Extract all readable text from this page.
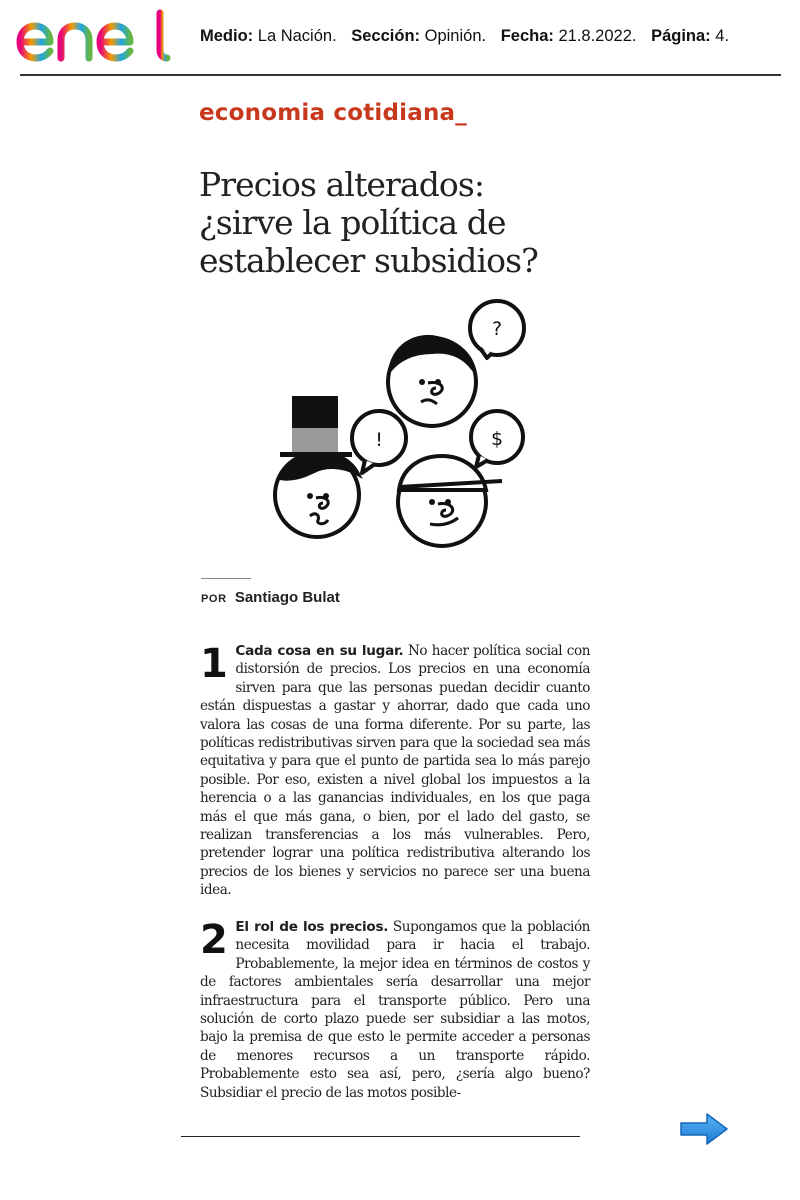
Medio: La Nación. Sección: Opinión. Fecha: 21.8.2022. Página: 4.
economia cotidiana_
Precios alterados:
¿sirve la política de
establecer subsidios?
?
!	$
POR Santiago Bulat
1 Cada cosa en su lugar. No hacer política social con distorsión de precios. Los precios en una economía sirven para que las personas puedan decidir cuanto están dispuestas a gastar y ahorrar, dado que cada uno valora las cosas de una forma diferente. Por su parte, las políticas redistributivas sirven para que la sociedad sea más equitativa y para que el punto de partida sea lo más parejo posible. Por eso, existen a nivel global los impuestos a la herencia o a las ganancias individuales, en los que paga más el que más gana, o bien, por el lado del gasto, se realizan transferencias a los más vulnerables. Pero, pretender lograr una política redistributiva alterando los precios de los bienes y servicios no parece ser una buena idea.
2 El rol de los precios. Supongamos que la población necesita movilidad para ir hacia el trabajo. Probablemente, la mejor idea en términos de costos y de factores ambientales sería desarrollar una mejor infraestructura para el transporte público. Pero una solución de corto plazo puede ser subsidiar a las motos, bajo la premisa de que esto le permite acceder a personas de menores recursos a un transporte rápido. Probablemente esto sea así, pero, ¿sería algo bueno? Subsidiar el precio de las motos posible-
